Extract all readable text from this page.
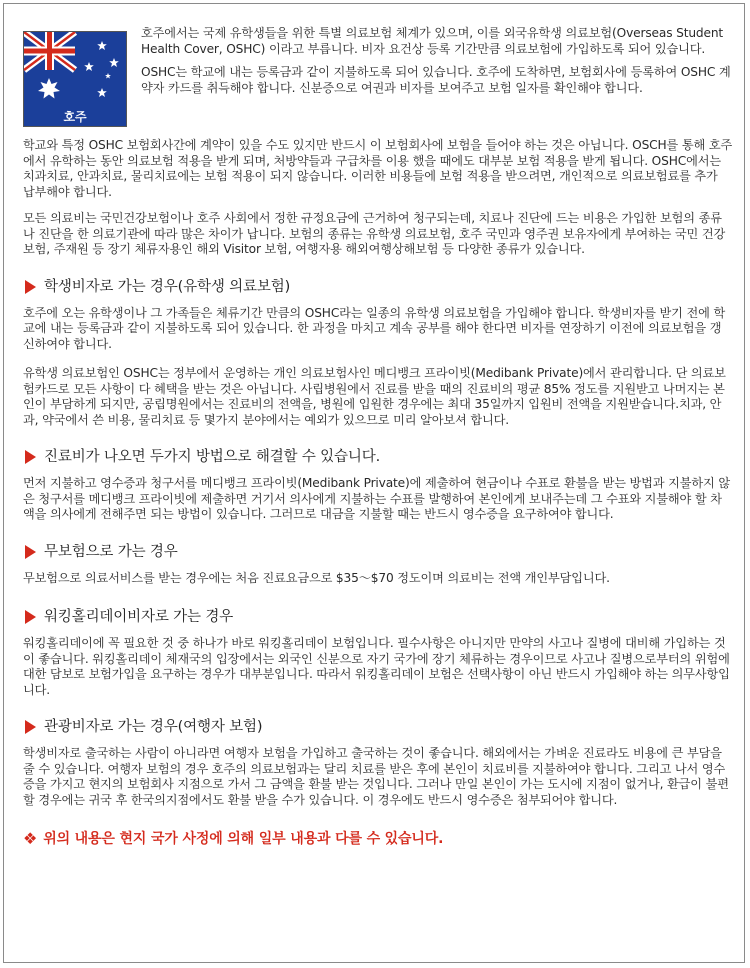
호주

호주에서는 국제 유학생들을 위한 특별 의료보험 체계가 있으며, 이를 외국유학생 의료보험(Overseas Student Health Cover, OSHC) 이라고 부릅니다. 비자 요건상 등록 기간만큼 의료보험에 가입하도록 되어 있습니다.

OSHC는 학교에 내는 등록금과 같이 지불하도록 되어 있습니다. 호주에 도착하면, 보험회사에 등록하여 OSHC 계약자 카드를 취득해야 합니다. 신분증으로 여권과 비자를 보여주고 보험 일자를 확인해야 합니다.

학교와 특정 OSHC 보험회사간에 계약이 있을 수도 있지만 반드시 이 보험회사에 보험을 들어야 하는 것은 아닙니다. OSCH를 통해 호주에서 유학하는 동안 의료보험 적용을 받게 되며, 처방약들과 구급차를 이용 했을 때에도 대부분 보험 적용을 받게 됩니다. OSHC에서는 치과치료, 안과치료, 물리치료에는 보험 적용이 되지 않습니다. 이러한 비용들에 보험 적용을 받으려면, 개인적으로 의료보험료를 추가 납부해야 합니다.

모든 의료비는 국민건강보험이나 호주 사회에서 정한 규정요금에 근거하여 청구되는데, 치료나 진단에 드는 비용은 가입한 보험의 종류나 진단을 한 의료기관에 따라 많은 차이가 납니다. 보험의 종류는 유학생 의료보험, 호주 국민과 영주권 보유자에게 부여하는 국민 건강보험, 주재원 등 장기 체류자용인 해외 Visitor 보험, 여행자용 해외여행상해보험 등 다양한 종류가 있습니다.

학생비자로 가는 경우(유학생 의료보험)

호주에 오는 유학생이나 그 가족들은 체류기간 만큼의 OSHC라는 일종의 유학생 의료보험을 가입해야 합니다. 학생비자를 받기 전에 학교에 내는 등록금과 같이 지불하도록 되어 있습니다. 한 과정을 마치고 계속 공부를 해야 한다면 비자를 연장하기 이전에 의료보험을 갱신하여야 합니다.

유학생 의료보험인 OSHC는 정부에서 운영하는 개인 의료보험사인 메디뱅크 프라이빗(Medibank Private)에서 관리합니다. 단 의료보험카드로 모든 사항이 다 혜택을 받는 것은 아닙니다. 사립병원에서 진료를 받을 때의 진료비의 평균 85% 정도를 지원받고 나머지는 본인이 부담하게 되지만, 공립명원에서는 진료비의 전액을, 병원에 입원한 경우에는 최대 35일까지 입원비 전액을 지원받습니다.치과, 안과, 약국에서 쓴 비용, 물리치료 등 몇가지 분야에서는 예외가 있으므로 미리 알아보셔 합니다.

진료비가 나오면 두가지 방법으로 해결할 수 있습니다.

먼저 지불하고 영수증과 청구서를 메디뱅크 프라이빗(Medibank Private)에 제출하여 현금이나 수표로 환불을 받는 방법과 지불하지 않은 청구서를 메디뱅크 프라이빗에 제출하면 거기서 의사에게 지불하는 수표를 발행하여 본인에게 보내주는데 그 수표와 지불해야 할 차액을 의사에게 전해주면 되는 방법이 있습니다. 그러므로 대금을 지불할 때는 반드시 영수증을 요구하여야 합니다.

무보험으로 가는 경우

무보험으로 의료서비스를 받는 경우에는 처음 진료요금으로 $35～$70 정도이며 의료비는 전액 개인부담입니다.

워킹홀리데이비자로 가는 경우

워킹홀리데이에 꼭 필요한 것 중 하나가 바로 워킹홀리데이 보험입니다. 필수사항은 아니지만 만약의 사고나 질병에 대비해 가입하는 것이 좋습니다. 워킹홀리데이 체재국의 입장에서는 외국인 신분으로 자기 국가에 장기 체류하는 경우이므로 사고나 질병으로부터의 위험에 대한 담보로 보험가입을 요구하는 경우가 대부분입니다. 따라서 워킹홀리데이 보험은 선택사항이 아닌 반드시 가입해야 하는 의무사항입니다.

관광비자로 가는 경우(여행자 보험)

학생비자로 출국하는 사람이 아니라면 여행자 보험을 가입하고 출국하는 것이 좋습니다. 해외에서는 가벼운 진료라도 비용에 큰 부담을 줄 수 있습니다. 여행자 보험의 경우 호주의 의료보험과는 달리 치료를 받은 후에 본인이 치료비를 지불하여야 합니다. 그리고 나서 영수증을 가지고 현지의 보험회사 지점으로 가서 그 금액을 환불 받는 것입니다. 그러나 만일 본인이 가는 도시에 지점이 없거나, 환급이 불편할 경우에는 귀국 후 한국의지점에서도 환불 받을 수가 있습니다. 이 경우에도 반드시 영수증은 첨부되어야 합니다.

❖ 위의 내용은 현지 국가 사정에 의해 일부 내용과 다를 수 있습니다.
